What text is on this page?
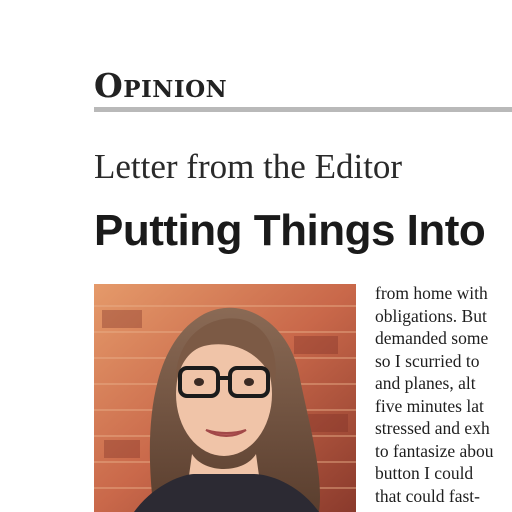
Opinion
Letter from the Editor
Putting Things Into
from home with
obligations. But
demanded some
so I scurried to
and planes, alt
five minutes lat
stressed and exh
to fantasize abou
button I could
that could fast-
